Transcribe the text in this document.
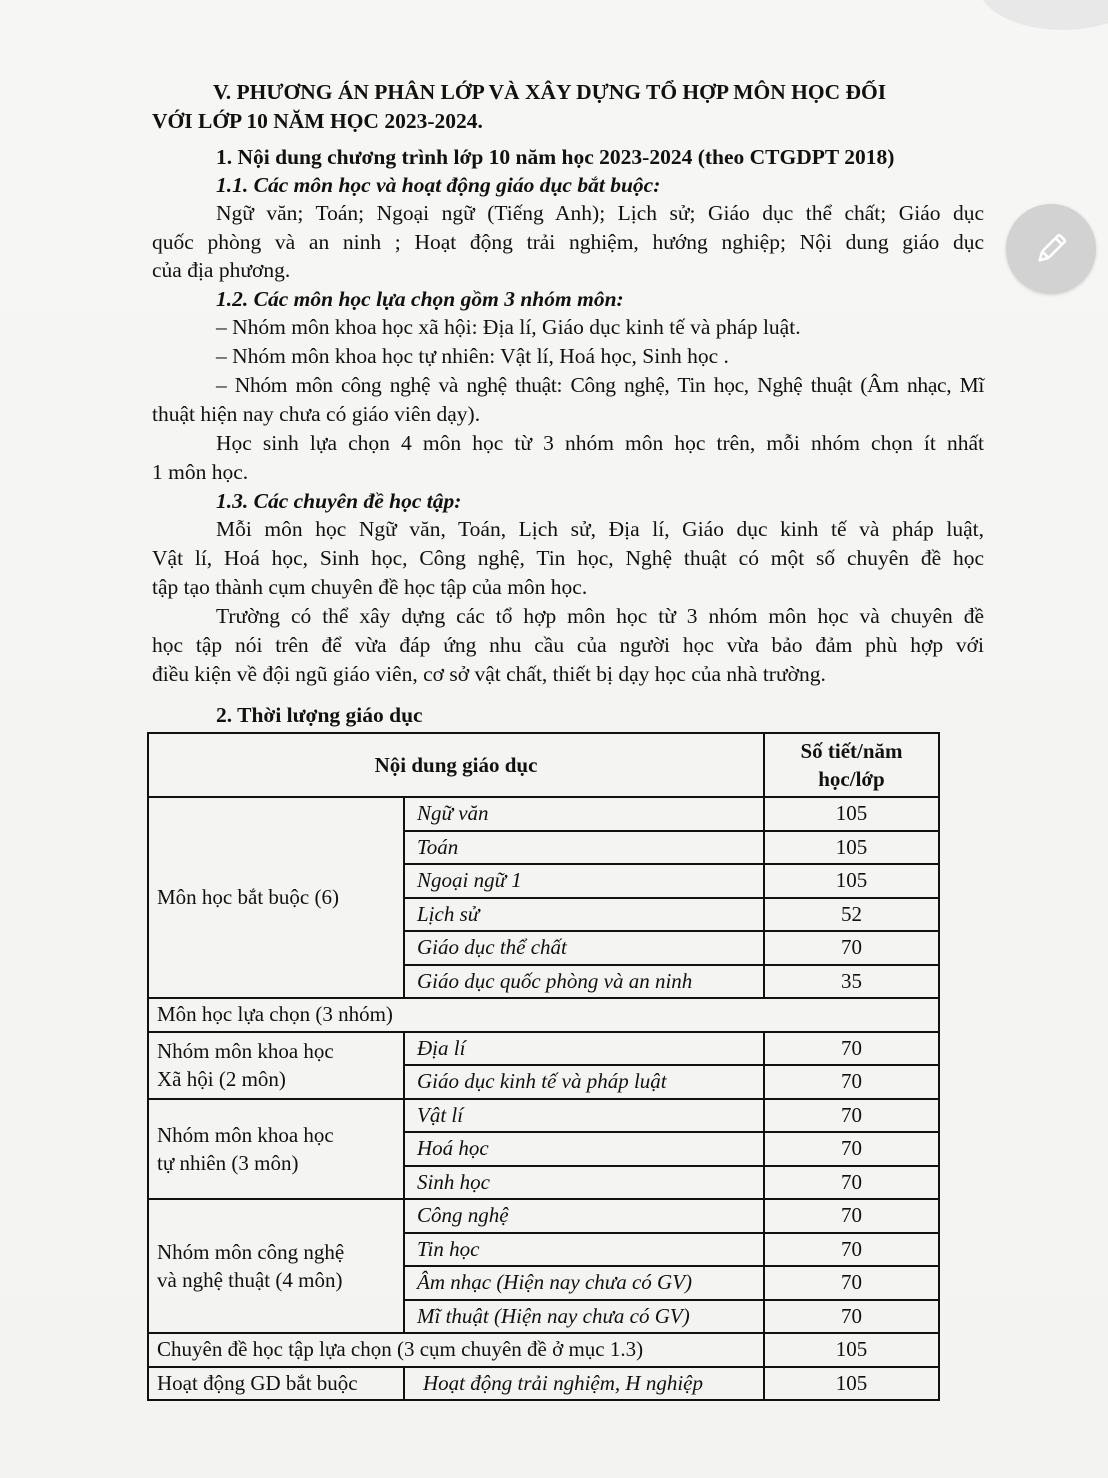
V. PHƯƠNG ÁN PHÂN LỚP VÀ XÂY DỰNG TỔ HỢP MÔN HỌC ĐỐI
VỚI LỚP 10 NĂM HỌC 2023-2024.
1. Nội dung chương trình lớp 10 năm học 2023-2024 (theo CTGDPT 2018)
1.1. Các môn học và hoạt động giáo dục bắt buộc:
Ngữ văn; Toán; Ngoại ngữ (Tiếng Anh); Lịch sử; Giáo dục thể chất; Giáo dục
quốc phòng và an ninh ; Hoạt động trải nghiệm, hướng nghiệp; Nội dung giáo dục
của địa phương.
1.2. Các môn học lựa chọn gồm 3 nhóm môn:
– Nhóm môn khoa học xã hội: Địa lí, Giáo dục kinh tế và pháp luật.
– Nhóm môn khoa học tự nhiên: Vật lí, Hoá học, Sinh học .
– Nhóm môn công nghệ và nghệ thuật: Công nghệ, Tin học, Nghệ thuật (Âm nhạc, Mĩ
thuật hiện nay chưa có giáo viên dạy).
Học sinh lựa chọn 4 môn học từ 3 nhóm môn học trên, mỗi nhóm chọn ít nhất
1 môn học.
1.3. Các chuyên đề học tập:
Mỗi môn học Ngữ văn, Toán, Lịch sử, Địa lí, Giáo dục kinh tế và pháp luật,
Vật lí, Hoá học, Sinh học, Công nghệ, Tin học, Nghệ thuật có một số chuyên đề học
tập tạo thành cụm chuyên đề học tập của môn học.
Trường có thể xây dựng các tổ hợp môn học từ 3 nhóm môn học và chuyên đề
học tập nói trên để vừa đáp ứng nhu cầu của người học vừa bảo đảm phù hợp với
điều kiện về đội ngũ giáo viên, cơ sở vật chất, thiết bị dạy học của nhà trường.
2. Thời lượng giáo dục
Nội dung giáo dục		Số tiết/năm
học/lớp
Môn học bắt buộc (6)	Ngữ văn	105
	Toán	105
	Ngoại ngữ 1	105
	Lịch sử	52
	Giáo dục thể chất	70
	Giáo dục quốc phòng và an ninh	35
Môn học lựa chọn (3 nhóm)		
Nhóm môn khoa học
Xã hội (2 môn)	Địa lí	70
	Giáo dục kinh tế và pháp luật	70
Nhóm môn khoa học
tự nhiên (3 môn)	Vật lí	70
	Hoá học	70
	Sinh học	70
Nhóm môn công nghệ
và nghệ thuật (4 môn)	Công nghệ	70
	Tin học	70
	Âm nhạc (Hiện nay chưa có GV)	70
	Mĩ thuật (Hiện nay chưa có GV)	70
Chuyên đề học tập lựa chọn (3 cụm chuyên đề ở mục 1.3)		105
Hoạt động GD bắt buộc	Hoạt động trải nghiệm, H nghiệp	105
